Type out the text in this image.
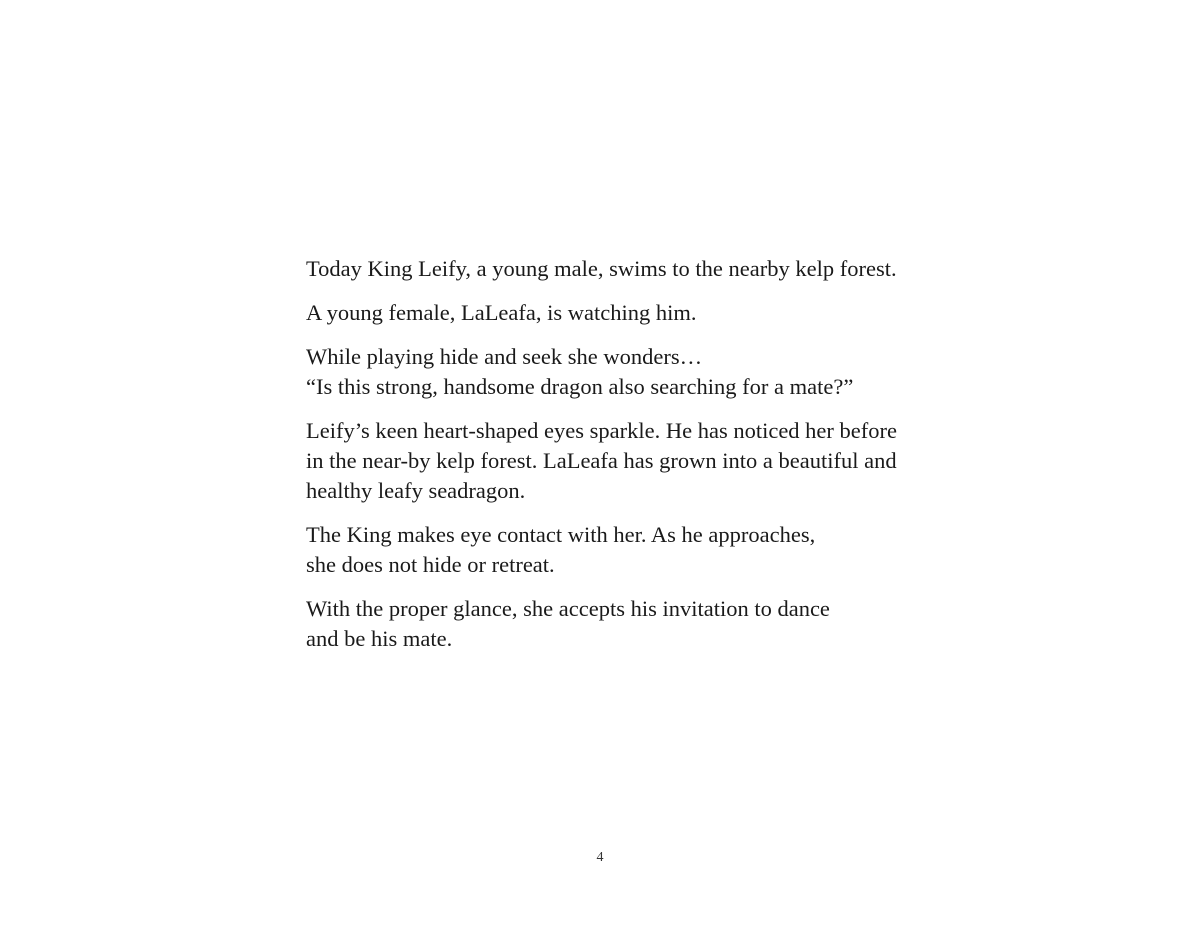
Today King Leify, a young male, swims to the nearby kelp forest.

A young female, LaLeafa, is watching him.

While playing hide and seek she wonders…
“Is this strong, handsome dragon also searching for a mate?”

Leify’s keen heart-shaped eyes sparkle. He has noticed her before
in the near-by kelp forest. LaLeafa has grown into a beautiful and
healthy leafy seadragon.

The King makes eye contact with her. As he approaches,
she does not hide or retreat.

With the proper glance, she accepts his invitation to dance
and be his mate.

4
